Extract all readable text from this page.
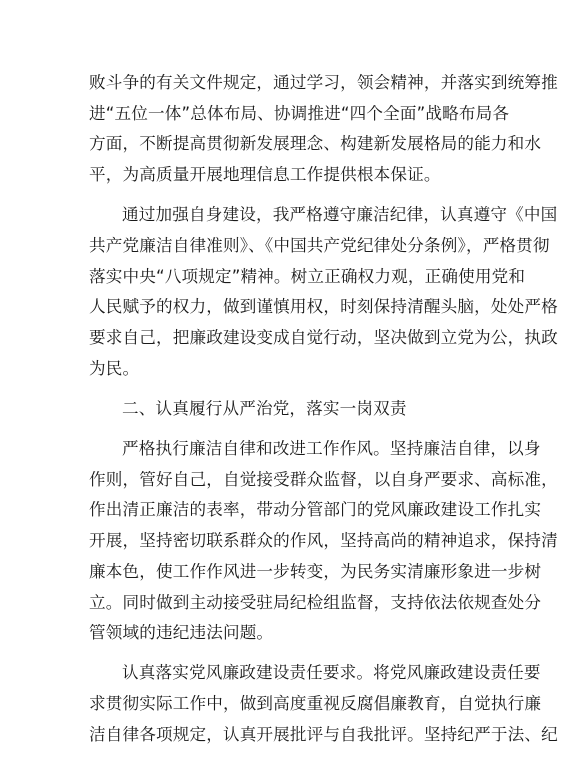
败斗争的有关文件规定，通过学习，领会精神，并落实到统筹推
进“五位一体”总体布局、协调推进“四个全面”战略布局各
方面，不断提高贯彻新发展理念、构建新发展格局的能力和水
平，为高质量开展地理信息工作提供根本保证。
通过加强自身建设，我严格遵守廉洁纪律，认真遵守《中国
共产党廉洁自律准则》、《中国共产党纪律处分条例》，严格贯彻
落实中央“八项规定”精神。树立正确权力观，正确使用党和
人民赋予的权力，做到谨慎用权，时刻保持清醒头脑，处处严格
要求自己，把廉政建设变成自觉行动，坚决做到立党为公，执政
为民。
二、认真履行从严治党，落实一岗双责
严格执行廉洁自律和改进工作作风。坚持廉洁自律，以身
作则，管好自己，自觉接受群众监督，以自身严要求、高标准，
作出清正廉洁的表率，带动分管部门的党风廉政建设工作扎实
开展，坚持密切联系群众的作风，坚持高尚的精神追求，保持清
廉本色，使工作作风进一步转变，为民务实清廉形象进一步树
立。同时做到主动接受驻局纪检组监督，支持依法依规查处分
管领域的违纪违法问题。
认真落实党风廉政建设责任要求。将党风廉政建设责任要
求贯彻实际工作中，做到高度重视反腐倡廉教育，自觉执行廉
洁自律各项规定，认真开展批评与自我批评。坚持纪严于法、纪
